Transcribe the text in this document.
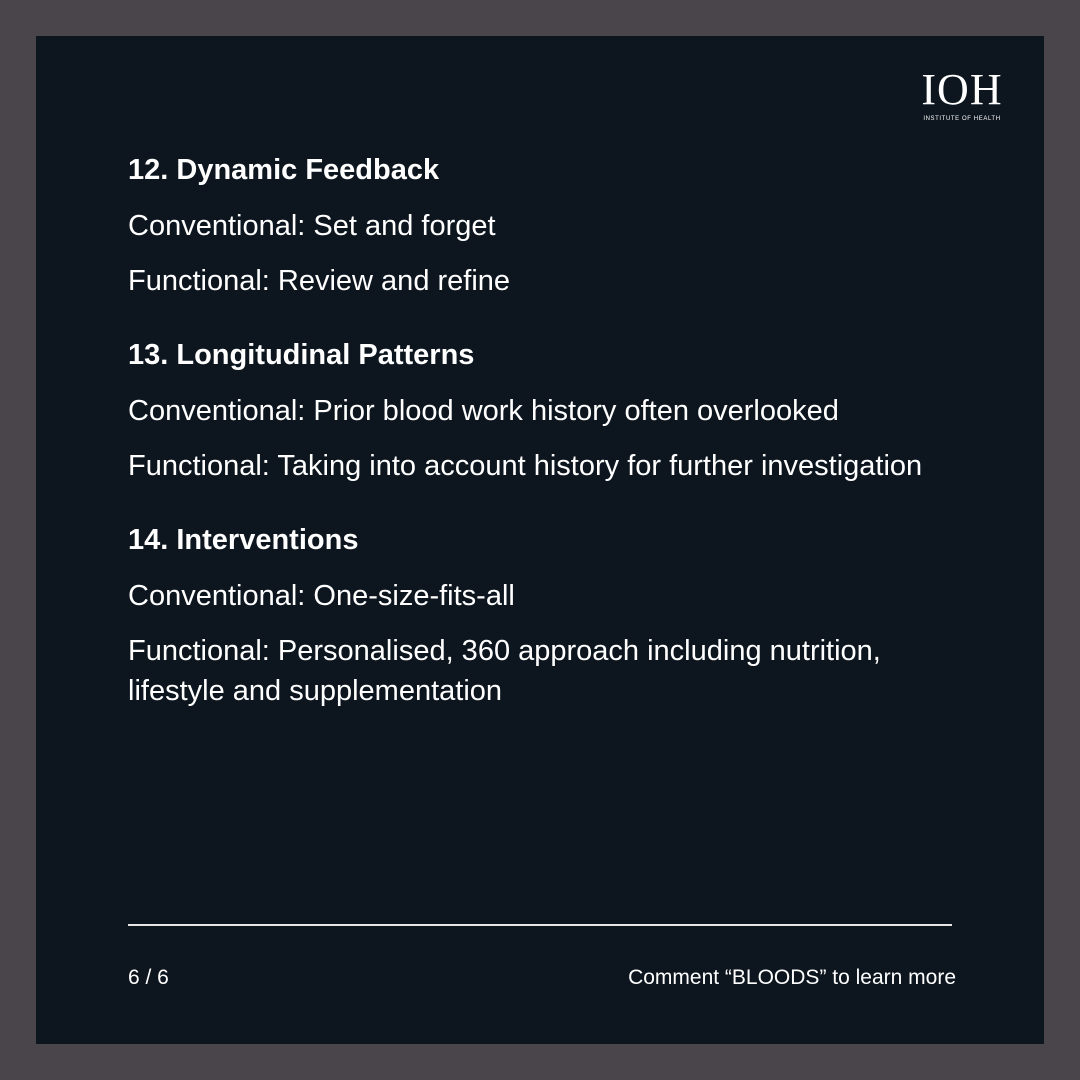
IOH
INSTITUTE OF HEALTH

12. Dynamic Feedback

Conventional: Set and forget

Functional: Review and refine

13. Longitudinal Patterns

Conventional: Prior blood work history often overlooked

Functional: Taking into account history for further investigation

14. Interventions

Conventional: One-size-fits-all

Functional: Personalised, 360 approach including nutrition, lifestyle and supplementation

6 / 6	Comment “BLOODS” to learn more
